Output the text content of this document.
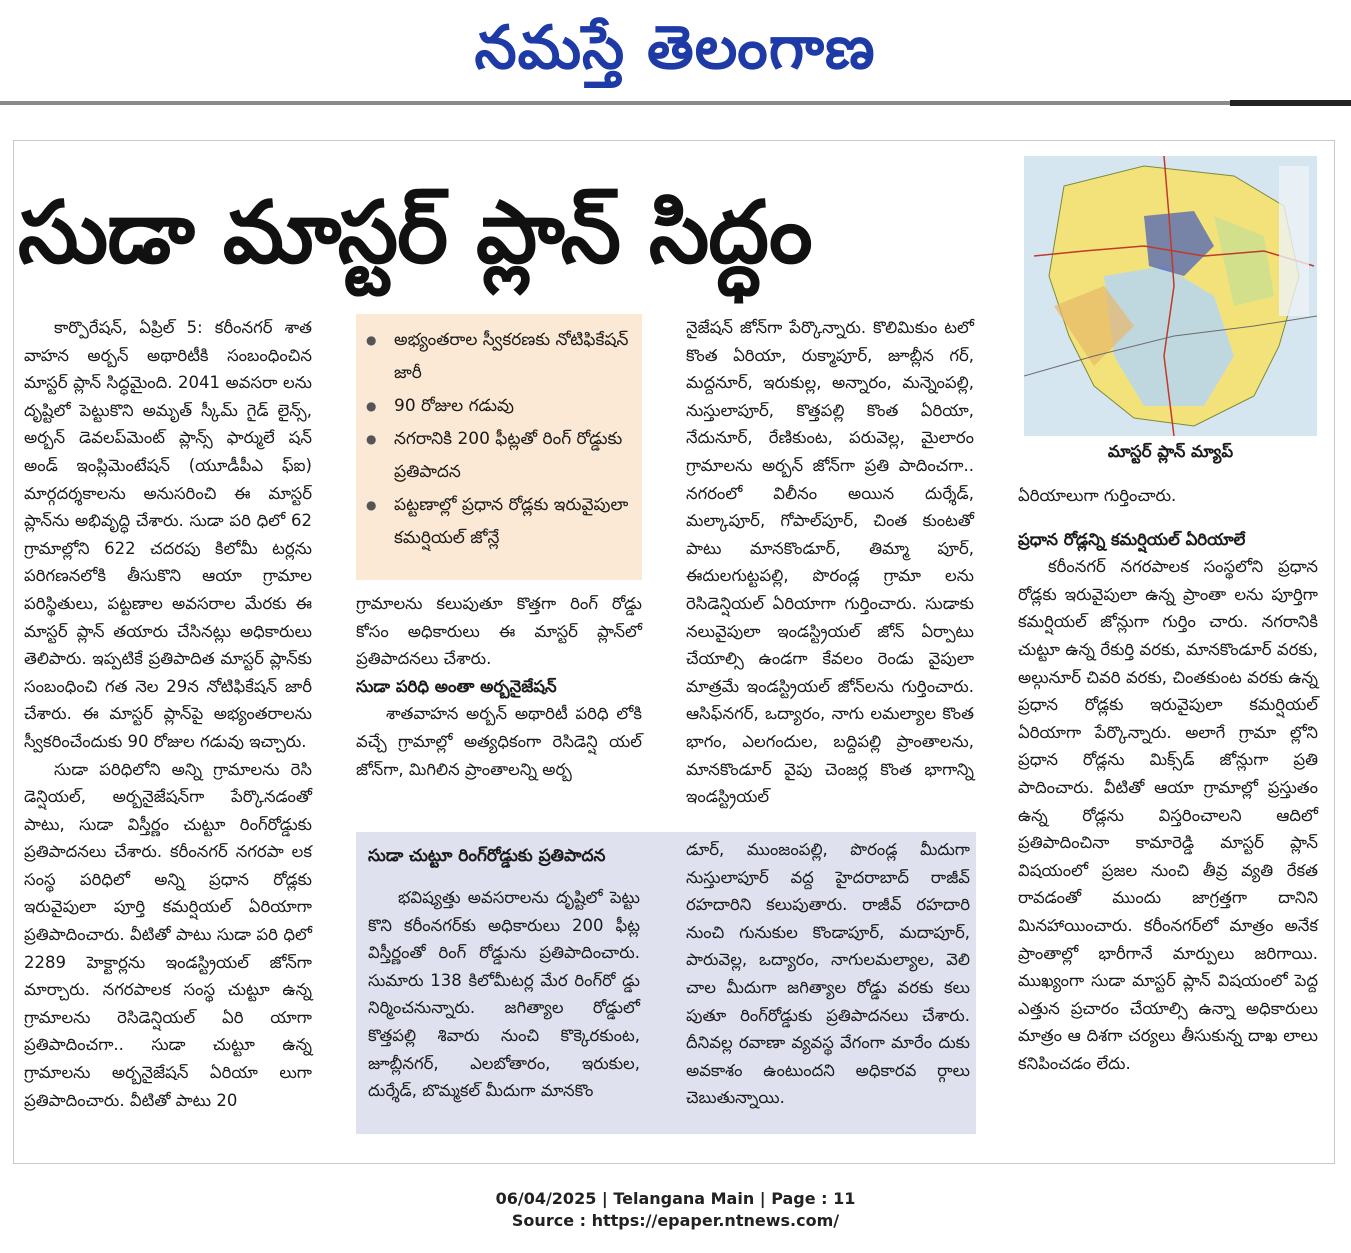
నమస్తే తెలంగాణ
సుడా మాస్టర్ ప్లాన్ సిద్ధం

కార్పొరేషన్, ఏప్రిల్ 5: కరీంనగర్ శాత వాహన అర్బన్ అథారిటీకి సంబంధించిన మాస్టర్ ప్లాన్ సిద్ధమైంది. 2041 అవసరా లను దృష్టిలో పెట్టుకొని అమృత్ స్కీమ్ గైడ్ లైన్స్, అర్బన్ డెవలప్‌మెంట్ ప్లాన్స్ ఫార్ములే షన్ అండ్ ఇంప్లిమెంటేషన్ (యూడీపీఎ ఫ్‌ఐ) మార్గదర్శకాలను అనుసరించి ఈ మాస్టర్ ప్లాన్‌ను అభివృద్ధి చేశారు. సుడా పరి ధిలో 62 గ్రామాల్లోని 622 చదరపు కిలోమీ టర్లను పరిగణనలోకి తీసుకొని ఆయా గ్రామాల పరిస్థితులు, పట్టణాల అవసరాల మేరకు ఈ మాస్టర్ ప్లాన్ తయారు చేసినట్లు అధికారులు తెలిపారు. ఇప్పటికే ప్రతిపాదిత మాస్టర్ ప్లాన్‌కు సంబంధించి గత నెల 29న నోటిఫికేషన్ జారీ చేశారు. ఈ మాస్టర్ ప్లాన్‌పై అభ్యంతరాలను స్వీకరించేందుకు 90 రోజుల గడువు ఇచ్చారు.

సుడా పరిధిలోని అన్ని గ్రామాలను రెసి డెన్షియల్, అర్బనైజేషన్‌గా పేర్కొనడంతో పాటు, సుడా విస్తీర్ణం చుట్టూ రింగ్‌రోడ్డుకు ప్రతిపాదనలు చేశారు. కరీంనగర్ నగరపా లక సంస్థ పరిధిలో అన్ని ప్రధాన రోడ్లకు ఇరువైపులా పూర్తి కమర్షియల్ ఏరియాగా ప్రతిపాదించారు. వీటితో పాటు సుడా పరి ధిలో 2289 హెక్టార్లను ఇండస్ట్రియల్ జోన్‌గా మార్చారు. నగరపాలక సంస్థ చుట్టూ ఉన్న గ్రామాలను రెసిడెన్షియల్ ఏరి యాగా ప్రతిపాదించగా.. సుడా చుట్టూ ఉన్న గ్రామాలను అర్బనైజేషన్ ఏరియా లుగా ప్రతిపాదించారు. వీటితో పాటు 20

● అభ్యంతరాల స్వీకరణకు నోటిఫికేషన్ జారీ
● 90 రోజుల గడువు
● నగరానికి 200 ఫీట్లతో రింగ్ రోడ్డుకు ప్రతిపాదన
● పట్టణాల్లో ప్రధాన రోడ్లకు ఇరువైపులా కమర్షియల్ జోన్లే

గ్రామాలను కలుపుతూ కొత్తగా రింగ్ రోడ్డు కోసం అధికారులు ఈ మాస్టర్ ప్లాన్‌లో ప్రతిపాదనలు చేశారు.

సుడా పరిధి అంతా అర్బనైజేషన్

శాతవాహన అర్బన్ అథారిటీ పరిధి లోకి వచ్చే గ్రామాల్లో అత్యధికంగా రెసిడెన్షి యల్ జోన్‌గా, మిగిలిన ప్రాంతాలన్ని అర్బ

సుడా చుట్టూ రింగ్‌రోడ్డుకు ప్రతిపాదన
భవిష్యత్తు అవసరాలను దృష్టిలో పెట్టు కొని కరీంనగర్‌కు అధికారులు 200 ఫీట్ల విస్తీర్ణంతో రింగ్ రోడ్డును ప్రతిపాదించారు. సుమారు 138 కిలోమీటర్ల మేర రింగ్‌రో డ్డు నిర్మించనున్నారు. జగిత్యాల రోడ్డులో కొత్తపల్లి శివారు నుంచి కొక్కెరకుంట, జూబ్లీనగర్, ఎలబోతారం, ఇరుకుల, దుర్శేడ్, బొమ్మకల్ మీదుగా మానకొం
డూర్, ముంజంపల్లి, పొరండ్ల మీదుగా నుస్తులాపూర్ వద్ద హైదరాబాద్ రాజీవ్ రహదారిని కలుపుతారు. రాజీవ్ రహదారి నుంచి గునుకుల కొండాపూర్, మదాపూర్, పారువెల్ల, ఒద్యారం, నాగులమల్యాల, వెలి చాల మీదుగా జగిత్యాల రోడ్డు వరకు కలు పుతూ రింగ్‌రోడ్డుకు ప్రతిపాదనలు చేశారు. దీనివల్ల రవాణా వ్యవస్థ వేగంగా మారేం దుకు అవకాశం ఉంటుందని అధికారవ ర్గాలు చెబుతున్నాయి.

నైజేషన్ జోన్‌గా పేర్కొన్నారు. కొలిమికుం టలో కొంత ఏరియా, రుక్మాపూర్, జూబ్లీన గర్, మద్దనూర్, ఇరుకుల్ల, అన్నారం, మన్నెంపల్లి, నుస్తులాపూర్, కొత్తపల్లి కొంత ఏరియా, నేదునూర్, రేణికుంట, పరువెల్ల, మైలారం గ్రామాలను అర్బన్ జోన్‌గా ప్రతి పాదించగా.. నగరంలో విలీనం అయిన దుర్శేడ్, మల్కాపూర్, గోపాల్‌పూర్, చింత కుంటతో పాటు మానకొండూర్, తిమ్మా పూర్, ఈదులగుట్టపల్లి, పొరండ్ల గ్రామా లను రెసిడెన్షియల్ ఏరియాగా గుర్తించారు. సుడాకు నలువైపులా ఇండస్ట్రియల్ జోన్ ఏర్పాటు చేయాల్సి ఉండగా కేవలం రెండు వైపులా మాత్రమే ఇండస్ట్రియల్ జోన్‌లను గుర్తించారు. ఆసిఫ్‌నగర్, ఒద్యారం, నాగు లమల్యాల కొంత భాగం, ఎలగందుల, బద్దిపల్లి ప్రాంతాలను, మానకొండూర్ వైపు చెంజర్ల కొంత భాగాన్ని ఇండస్ట్రియల్

మాస్టర్ ప్లాన్ మ్యాప్

ఏరియాలుగా గుర్తించారు.

ప్రధాన రోడ్లన్ని కమర్షియల్ ఏరియాలే

కరీంనగర్ నగరపాలక సంస్థలోని ప్రధాన రోడ్లకు ఇరువైపులా ఉన్న ప్రాంతా లను పూర్తిగా కమర్షియల్ జోన్లుగా గుర్తిం చారు. నగరానికి చుట్టూ ఉన్న రేకుర్తి వరకు, మానకొండూర్ వరకు, అల్గునూర్ చివరి వరకు, చింతకుంట వరకు ఉన్న ప్రధాన రోడ్లకు ఇరువైపులా కమర్షియల్ ఏరియాగా పేర్కొన్నారు. అలాగే గ్రామా ల్లోని ప్రధాన రోడ్లను మిక్స్‌డ్ జోన్లుగా ప్రతి పాదించారు. వీటితో ఆయా గ్రామాల్లో ప్రస్తుతం ఉన్న రోడ్లను విస్తరించాలని ఆదిలో ప్రతిపాదించినా కామారెడ్డి మాస్టర్ ప్లాన్ విషయంలో ప్రజల నుంచి తీవ్ర వ్యతి రేకత రావడంతో ముందు జాగ్రత్తగా దానిని మినహాయించారు. కరీంనగర్‌లో మాత్రం అనేక ప్రాంతాల్లో భారీగానే మార్పులు జరిగాయి. ముఖ్యంగా సుడా మాస్టర్ ప్లాన్ విషయంలో పెద్ద ఎత్తున ప్రచారం చేయాల్సి ఉన్నా అధికారులు మాత్రం ఆ దిశగా చర్యలు తీసుకున్న దాఖ లాలు కనిపించడం లేదు.

06/04/2025 | Telangana Main | Page : 11
Source : https://epaper.ntnews.com/
